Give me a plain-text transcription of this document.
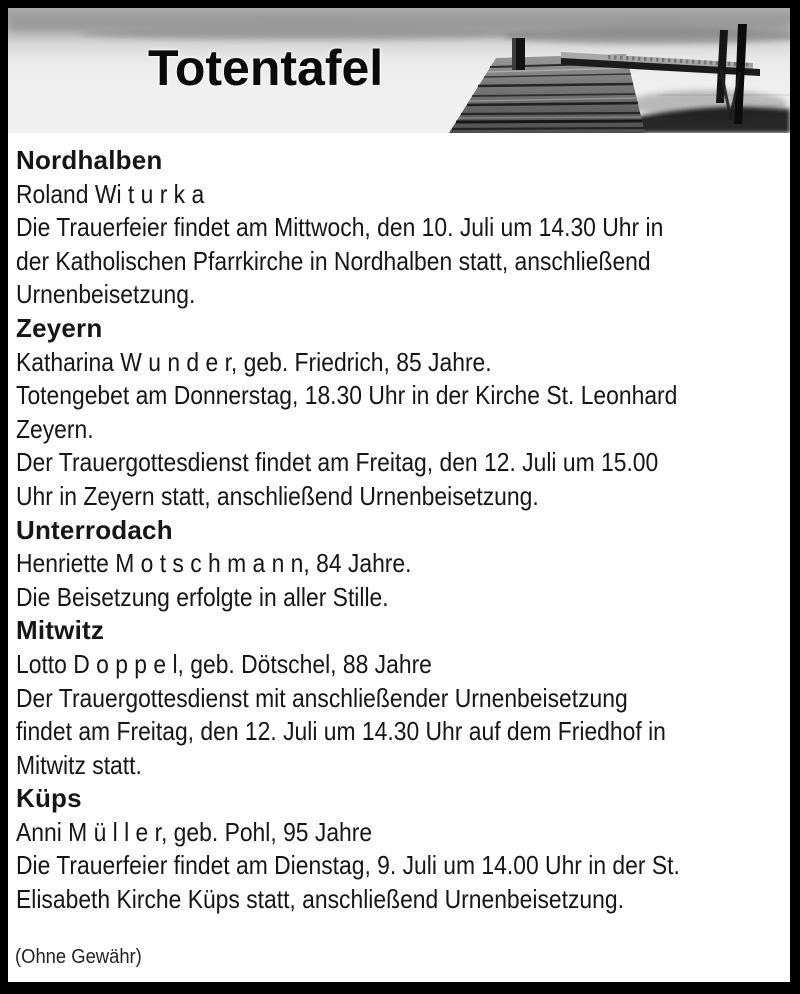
Totentafel
Nordhalben
Roland Wi t u r k a
Die Trauerfeier findet am Mittwoch, den 10. Juli um 14.30 Uhr in
der Katholischen Pfarrkirche in Nordhalben statt, anschließend
Urnenbeisetzung.
Zeyern
Katharina W u n d e r, geb. Friedrich, 85 Jahre.
Totengebet am Donnerstag, 18.30 Uhr in der Kirche St. Leonhard
Zeyern.
Der Trauergottesdienst findet am Freitag, den 12. Juli um 15.00
Uhr in Zeyern statt, anschließend Urnenbeisetzung.
Unterrodach
Henriette M o t s c h m a n n, 84 Jahre.
Die Beisetzung erfolgte in aller Stille.
Mitwitz
Lotto D o p p e l, geb. Dötschel, 88 Jahre
Der Trauergottesdienst mit anschließender Urnenbeisetzung
findet am Freitag, den 12. Juli um 14.30 Uhr auf dem Friedhof in
Mitwitz statt.
Küps
Anni M ü l l e r, geb. Pohl, 95 Jahre
Die Trauerfeier findet am Dienstag, 9. Juli um 14.00 Uhr in der St.
Elisabeth Kirche Küps statt, anschließend Urnenbeisetzung.
(Ohne Gewähr)
